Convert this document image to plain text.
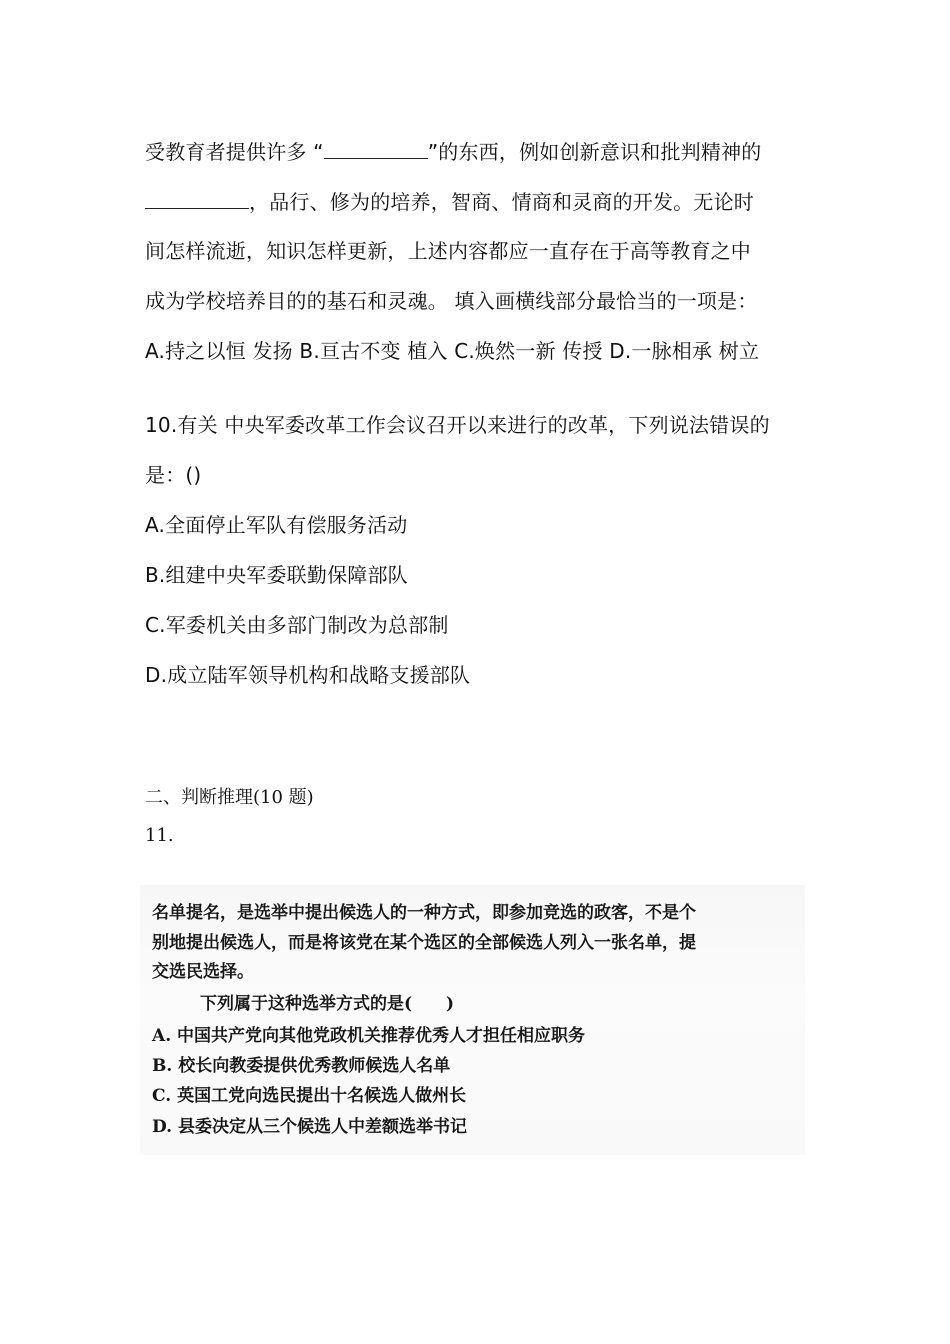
受教育者提供许多 “	”的东西，例如创新意识和批判精神的
，品行、修为的培养，智商、情商和灵商的开发。无论时
间怎样流逝，知识怎样更新，上述内容都应一直存在于高等教育之中
成为学校培养目的的基石和灵魂。 填入画横线部分最恰当的一项是：
A.持之以恒 发扬 B.亘古不变 植入 C.焕然一新 传授 D.一脉相承 树立
10.有关 中央军委改革工作会议召开以来进行的改革，下列说法错误的
是：()
A.全面停止军队有偿服务活动
B.组建中央军委联勤保障部队
C.军委机关由多部门制改为总部制
D.成立陆军领导机构和战略支援部队
二、判断推理(10 题)
11.
名单提名，是选举中提出候选人的一种方式，即参加竞选的政客，不是个
别地提出候选人，而是将该党在某个选区的全部候选人列入一张名单，提
交选民选择。
下列属于这种选举方式的是(　　)
A. 中国共产党向其他党政机关推荐优秀人才担任相应职务
B. 校长向教委提供优秀教师候选人名单
C. 英国工党向选民提出十名候选人做州长
D. 县委决定从三个候选人中差额选举书记
